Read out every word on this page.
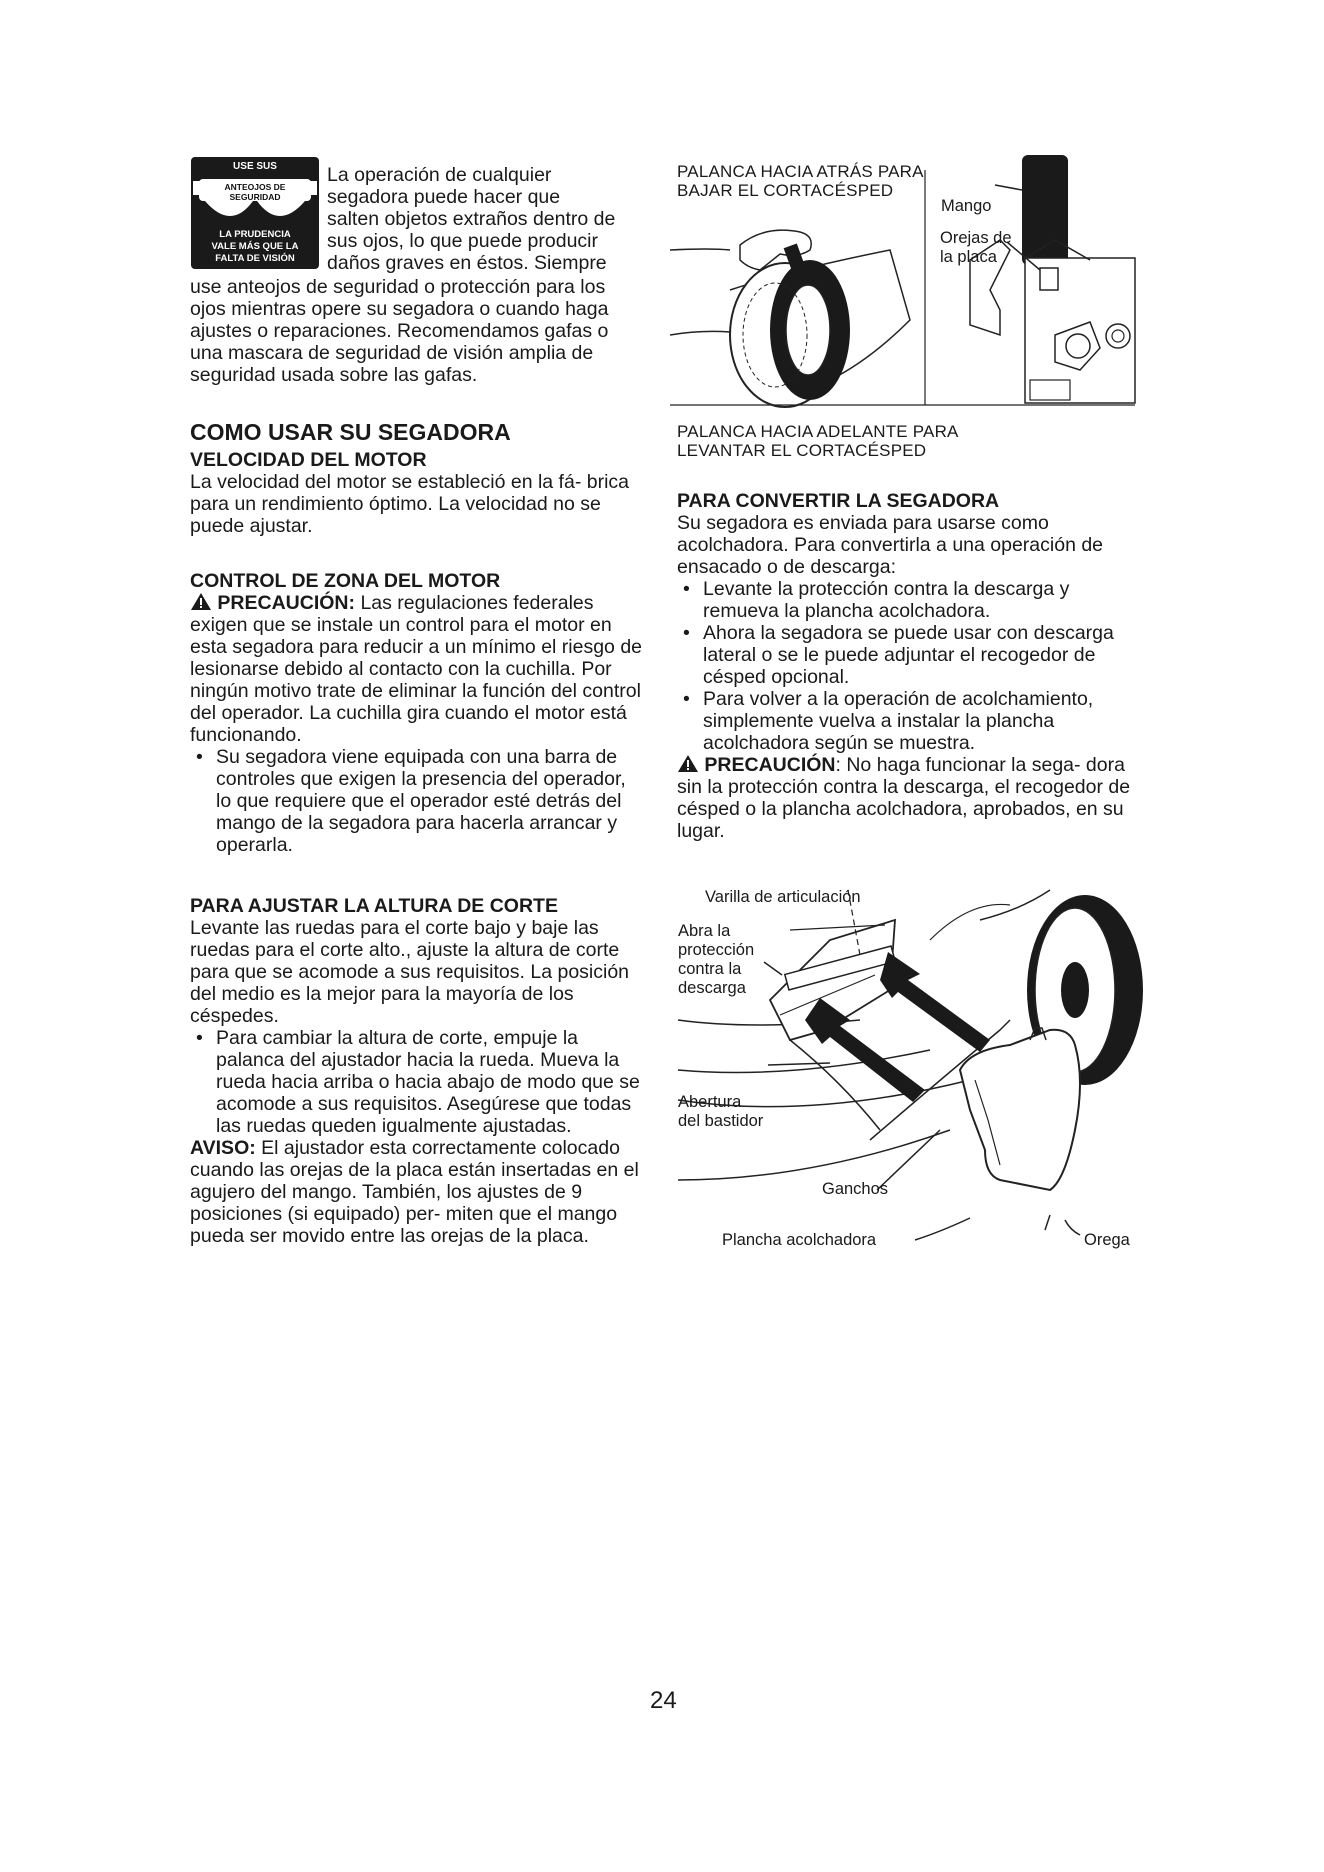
USE SUS
ANTEOJOS DE
SEGURIDAD
LA PRUDENCIA
VALE MÁS QUE LA
FALTA DE VISIÓN
La operación de cualquier
segadora puede hacer que
salten objetos extraños dentro de
sus ojos, lo que puede producir
daños graves en éstos. Siempre
use anteojos de seguridad o protección para los ojos mientras opere su segadora o cuando haga ajustes o reparaciones. Recomendamos gafas o una mascara de seguridad de visión amplia de seguridad usada sobre las gafas.
COMO USAR SU SEGADORA
VELOCIDAD DEL MOTOR
La velocidad del motor se estableció en la fá- brica para un rendimiento óptimo. La velocidad no se puede ajustar.
CONTROL DE ZONA DEL MOTOR
PRECAUCIÓN: Las regulaciones federales exigen que se instale un control para el motor en esta segadora para reducir a un mínimo el riesgo de lesionarse debido al contacto con la cuchilla. Por ningún motivo trate de eliminar la función del control del operador. La cuchilla gira cuando el motor está funcionando.
• Su segadora viene equipada con una barra de controles que exigen la presencia del operador, lo que requiere que el operador esté detrás del mango de la segadora para hacerla arrancar y operarla.
PARA AJUSTAR LA ALTURA DE CORTE
Levante las ruedas para el corte bajo y baje las ruedas para el corte alto., ajuste la altura de corte para que se acomode a sus requisitos. La posición del medio es la mejor para la mayoría de los céspedes.
• Para cambiar la altura de corte, empuje la palanca del ajustador hacia la rueda. Mueva la rueda hacia arriba o hacia abajo de modo que se acomode a sus requisitos. Asegúrese que todas las ruedas queden igualmente ajustadas.
AVISO: El ajustador esta correctamente colocado cuando las orejas de la placa están insertadas en el agujero del mango. También, los ajustes de 9 posiciones (si equipado) per- miten que el mango pueda ser movido entre las orejas de la placa.
PALANCA HACIA ATRÁS PARA
BAJAR EL CORTACÉSPED
Mango
Orejas de
la placa
PALANCA HACIA ADELANTE PARA
LEVANTAR EL CORTACÉSPED
PARA CONVERTIR LA SEGADORA
Su segadora es enviada para usarse como acolchadora. Para convertirla a una operación de ensacado o de descarga:
• Levante la protección contra la descarga y remueva la plancha acolchadora.
• Ahora la segadora se puede usar con descarga lateral o se le puede adjuntar el recogedor de césped opcional.
• Para volver a la operación de acolchamiento, simplemente vuelva a instalar la plancha acolchadora según se muestra.
PRECAUCIÓN: No haga funcionar la sega- dora sin la protección contra la descarga, el recogedor de césped o la plancha acolchadora, aprobados, en su lugar.
Varilla de articulación
Abra la
protección
contra la
descarga
Abertura
del bastidor
Ganchos
Plancha acolchadora	Orega
24
